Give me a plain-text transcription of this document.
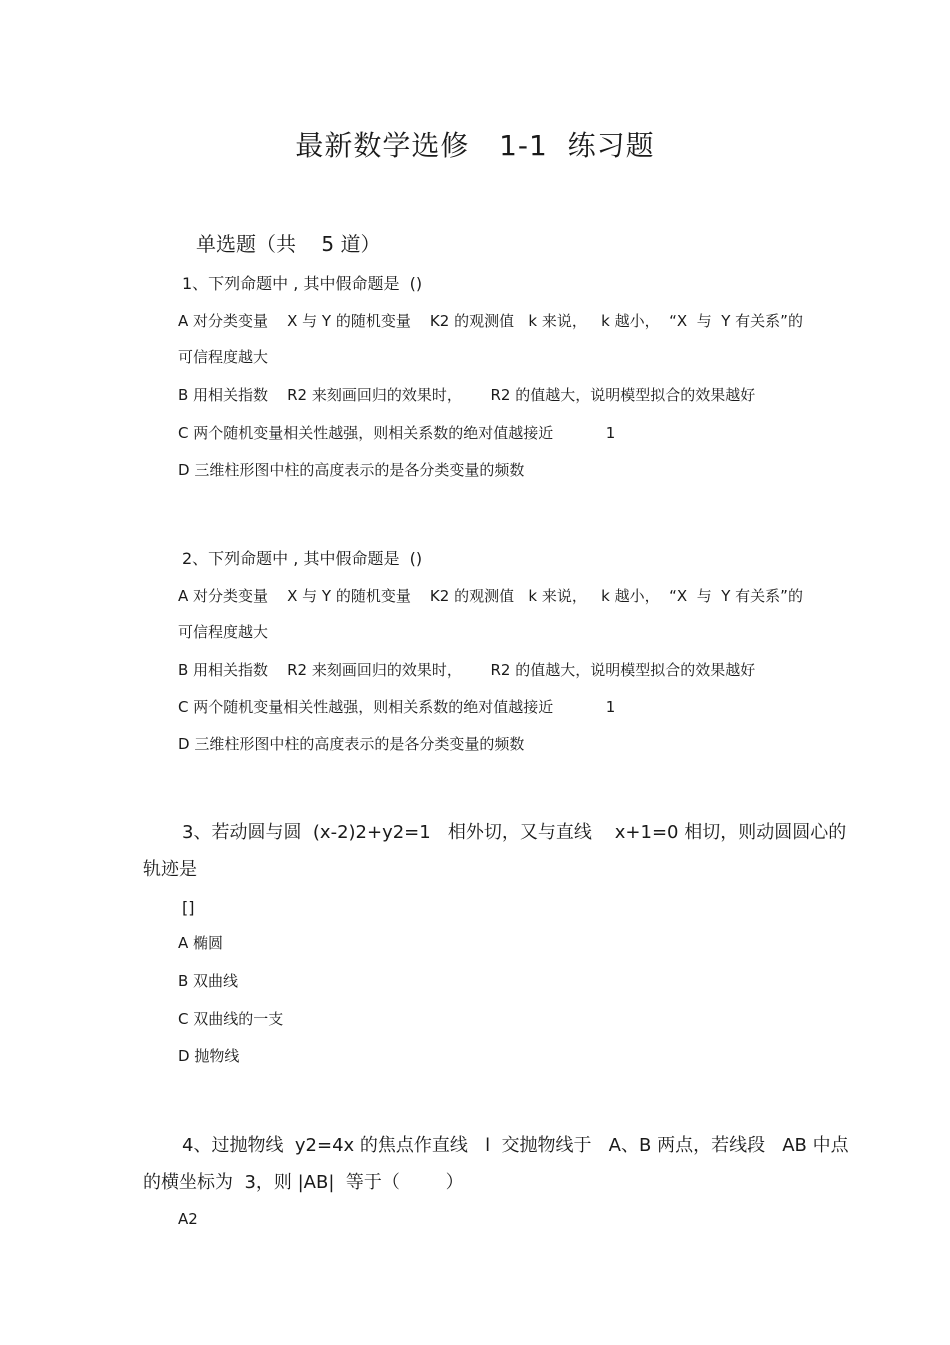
最新数学选修   1-1  练习题
单选题（共    5 道）
1、下列命题中 , 其中假命题是  ()
A 对分类变量    X 与 Y 的随机变量    K2 的观测值   k 来说，   k 越小，  “X  与  Y 有关系”的
可信程度越大
B 用相关指数    R2 来刻画回归的效果时，      R2 的值越大，说明模型拟合的效果越好
C 两个随机变量相关性越强，则相关系数的绝对值越接近           1
D 三维柱形图中柱的高度表示的是各分类变量的频数
2、下列命题中 , 其中假命题是  ()
A 对分类变量    X 与 Y 的随机变量    K2 的观测值   k 来说，   k 越小，  “X  与  Y 有关系”的
可信程度越大
B 用相关指数    R2 来刻画回归的效果时，      R2 的值越大，说明模型拟合的效果越好
C 两个随机变量相关性越强，则相关系数的绝对值越接近           1
D 三维柱形图中柱的高度表示的是各分类变量的频数
3、若动圆与圆  (x-2)2+y2=1   相外切，又与直线    x+1=0 相切，则动圆圆心的
轨迹是
[]
A 椭圆
B 双曲线
C 双曲线的一支
D 抛物线
4、过抛物线  y2=4x 的焦点作直线   l  交抛物线于   A、B 两点，若线段   AB 中点
的横坐标为  3，则 |AB|  等于（        ）
A2
